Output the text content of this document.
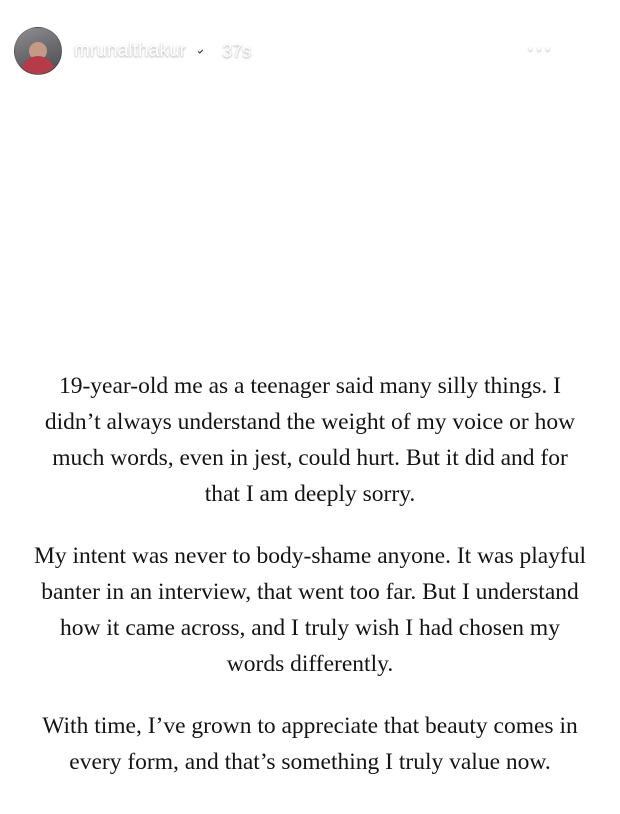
mrunalthakur 37s	⋯

19-year-old me as a teenager said many silly things. I didn’t always understand the weight of my voice or how much words, even in jest, could hurt. But it did and for that I am deeply sorry.

My intent was never to body-shame anyone. It was playful banter in an interview, that went too far. But I understand how it came across, and I truly wish I had chosen my words differently.

With time, I’ve grown to appreciate that beauty comes in every form, and that’s something I truly value now.
